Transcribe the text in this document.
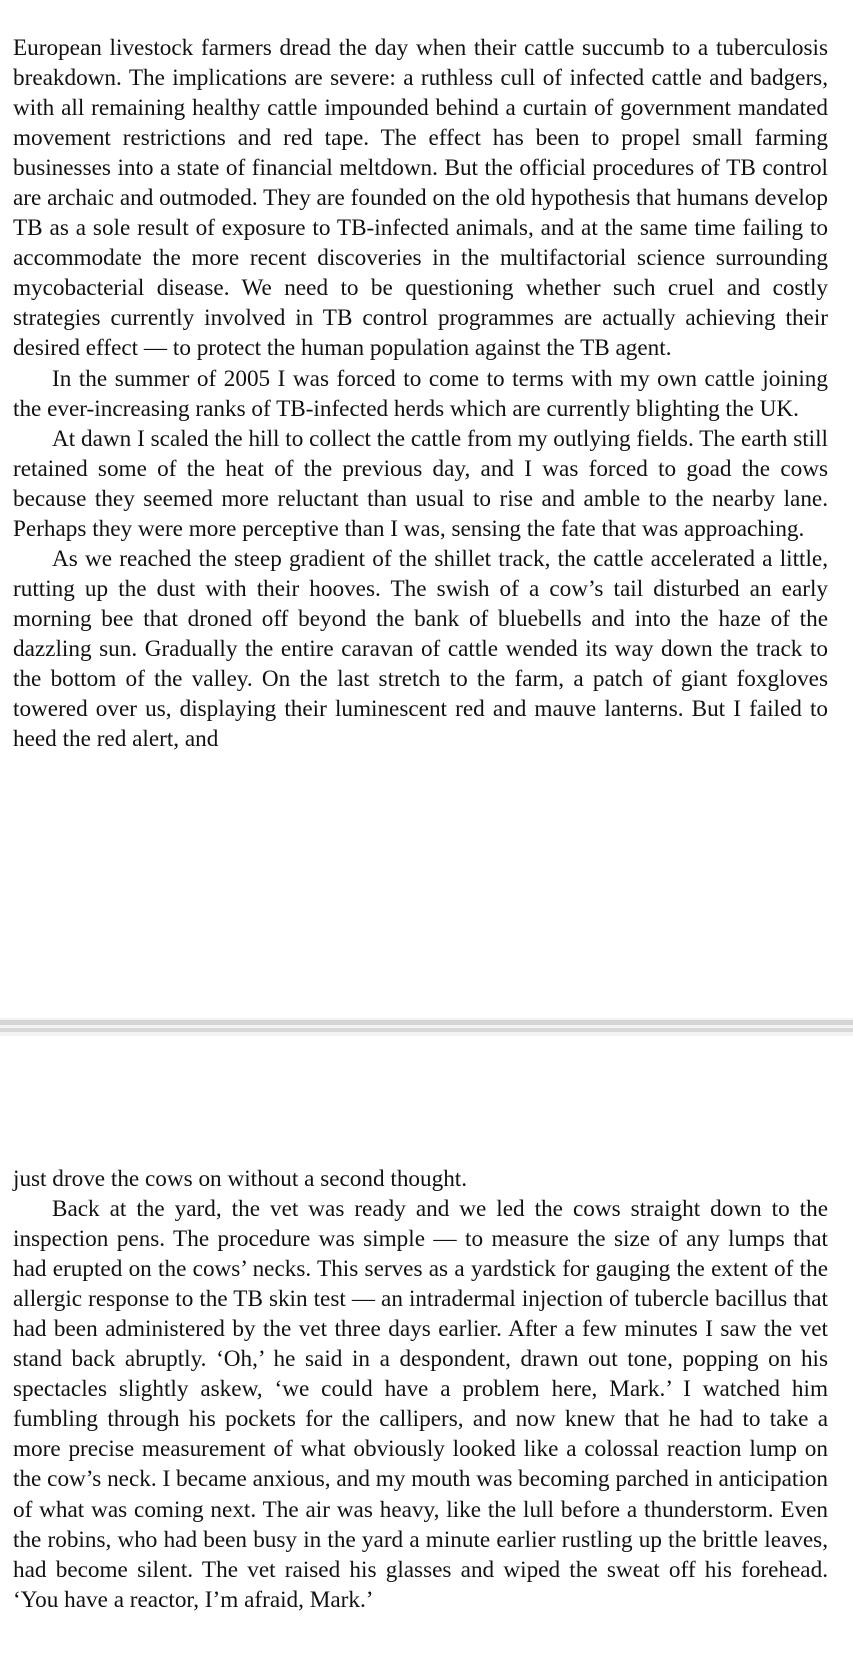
European livestock farmers dread the day when their cattle succumb to a tuberculosis breakdown. The implications are severe: a ruthless cull of infected cattle and badgers, with all remaining healthy cattle impounded behind a curtain of government mandated movement restrictions and red tape. The effect has been to propel small farming businesses into a state of financial meltdown. But the official procedures of TB control are archaic and outmoded. They are founded on the old hypothesis that humans develop TB as a sole result of exposure to TB-infected animals, and at the same time failing to accommodate the more recent discoveries in the multifactorial science surrounding mycobacterial disease. We need to be questioning whether such cruel and costly strategies currently involved in TB control programmes are actually achieving their desired effect — to protect the human population against the TB agent.

In the summer of 2005 I was forced to come to terms with my own cattle joining the ever-increasing ranks of TB-infected herds which are currently blighting the UK.

At dawn I scaled the hill to collect the cattle from my outlying fields. The earth still retained some of the heat of the previous day, and I was forced to goad the cows because they seemed more reluctant than usual to rise and amble to the nearby lane. Perhaps they were more perceptive than I was, sensing the fate that was approaching.

As we reached the steep gradient of the shillet track, the cattle accelerated a little, rutting up the dust with their hooves. The swish of a cow’s tail disturbed an early morning bee that droned off beyond the bank of bluebells and into the haze of the dazzling sun. Gradually the entire caravan of cattle wended its way down the track to the bottom of the valley. On the last stretch to the farm, a patch of giant foxgloves towered over us, displaying their luminescent red and mauve lanterns. But I failed to heed the red alert, and

just drove the cows on without a second thought.

Back at the yard, the vet was ready and we led the cows straight down to the inspection pens. The procedure was simple — to measure the size of any lumps that had erupted on the cows’ necks. This serves as a yardstick for gauging the extent of the allergic response to the TB skin test — an intradermal injection of tubercle bacillus that had been administered by the vet three days earlier. After a few minutes I saw the vet stand back abruptly. ‘Oh,’ he said in a despondent, drawn out tone, popping on his spectacles slightly askew, ‘we could have a problem here, Mark.’ I watched him fumbling through his pockets for the callipers, and now knew that he had to take a more precise measurement of what obviously looked like a colossal reaction lump on the cow’s neck. I became anxious, and my mouth was becoming parched in anticipation of what was coming next. The air was heavy, like the lull before a thunderstorm. Even the robins, who had been busy in the yard a minute earlier rustling up the brittle leaves, had become silent. The vet raised his glasses and wiped the sweat off his forehead. ‘You have a reactor, I’m afraid, Mark.’
